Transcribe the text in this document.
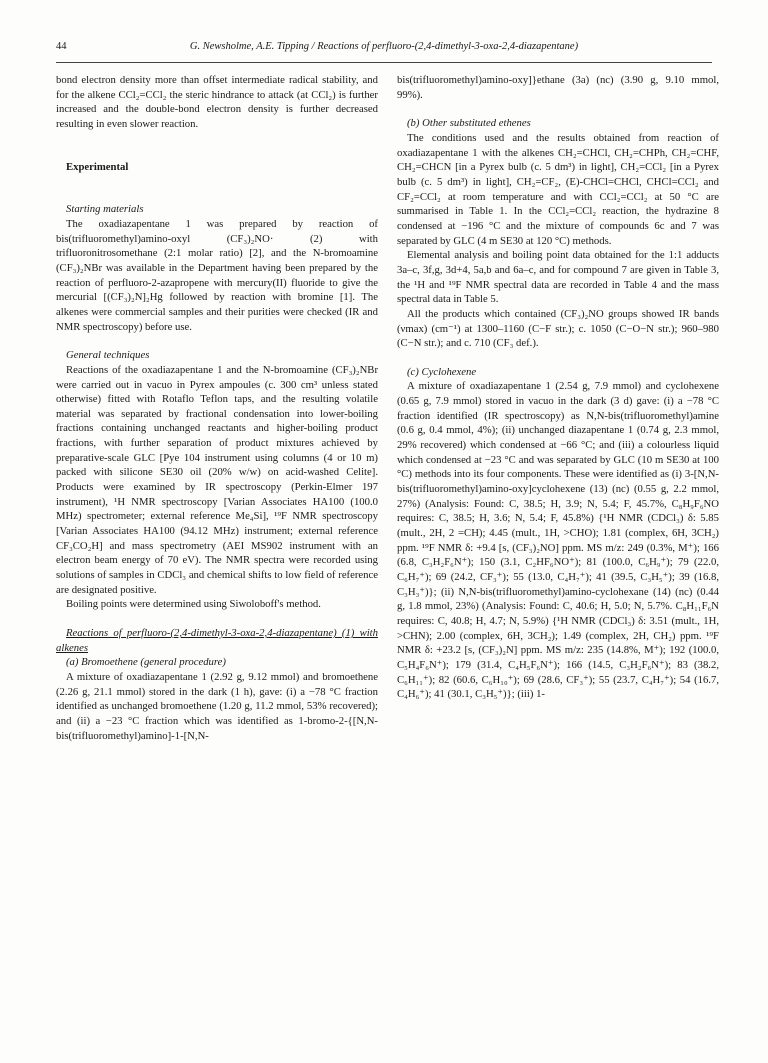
44	G. Newsholme, A.E. Tipping / Reactions of perfluoro-(2,4-dimethyl-3-oxa-2,4-diazapentane)

bond electron density more than offset intermediate radical stability, and for the alkene CCl₂=CCl₂ the steric hindrance to attack (at CCl₂) is further increased and the double-bond electron density is further decreased resulting in even slower reaction.

Experimental

Starting materials

The oxadiazapentane 1 was prepared by reaction of bis(trifluoromethyl)amino-oxyl (CF₃)₂NO· (2) with trifluoronitrosomethane (2:1 molar ratio) [2], and the N-bromoamine (CF₃)₂NBr was available in the Department having been prepared by the reaction of perfluoro-2-azapropene with mercury(II) fluoride to give the mercurial [(CF₃)₂N]₂Hg followed by reaction with bromine [1]. The alkenes were commercial samples and their purities were checked (IR and NMR spectroscopy) before use.

General techniques

Reactions of the oxadiazapentane 1 and the N-bromoamine (CF₃)₂NBr were carried out in vacuo in Pyrex ampoules (c. 300 cm³ unless stated otherwise) fitted with Rotaflo Teflon taps, and the resulting volatile material was separated by fractional condensation into lower-boiling fractions containing unchanged reactants and higher-boiling product fractions, with further separation of product mixtures achieved by preparative-scale GLC [Pye 104 instrument using columns (4 or 10 m) packed with silicone SE30 oil (20% w/w) on acid-washed Celite]. Products were examined by IR spectroscopy (Perkin-Elmer 197 instrument), ¹H NMR spectroscopy [Varian Associates HA100 (100.0 MHz) spectrometer; external reference Me₄Si], ¹⁹F NMR spectroscopy [Varian Associates HA100 (94.12 MHz) instrument; external reference CF₃CO₂H] and mass spectrometry (AEI MS902 instrument with an electron beam energy of 70 eV). The NMR spectra were recorded using solutions of samples in CDCl₃ and chemical shifts to low field of reference are designated positive.

Boiling points were determined using Siwoloboff's method.

Reactions of perfluoro-(2,4-dimethyl-3-oxa-2,4-diazapentane) (1) with alkenes

(a) Bromoethene (general procedure)

A mixture of oxadiazapentane 1 (2.92 g, 9.12 mmol) and bromoethene (2.26 g, 21.1 mmol) stored in the dark (1 h), gave: (i) a −78 °C fraction identified as unchanged bromoethene (1.20 g, 11.2 mmol, 53% recovered); and (ii) a −23 °C fraction which was identified as 1-bromo-2-{[N,N-bis(trifluoromethyl)amino]-1-[N,N-

bis(trifluoromethyl)amino-oxy]}ethane (3a) (nc) (3.90 g, 9.10 mmol, 99%).

(b) Other substituted ethenes

The conditions used and the results obtained from reaction of oxadiazapentane 1 with the alkenes CH₂=CHCl, CH₂=CHPh, CH₂=CHF, CH₂=CHCN [in a Pyrex bulb (c. 5 dm³) in light], CH₂=CCl₂ [in a Pyrex bulb (c. 5 dm³) in light], CH₂=CF₂, (E)-CHCl=CHCl, CHCl=CCl₂ and CF₂=CCl₂ at room temperature and with CCl₂=CCl₂ at 50 °C are summarised in Table 1. In the CCl₂=CCl₂ reaction, the hydrazine 8 condensed at −196 °C and the mixture of compounds 6c and 7 was separated by GLC (4 m SE30 at 120 °C) methods.

Elemental analysis and boiling point data obtained for the 1:1 adducts 3a–c, 3f,g, 3d+4, 5a,b and 6a–c, and for compound 7 are given in Table 3, the ¹H and ¹⁹F NMR spectral data are recorded in Table 4 and the mass spectral data in Table 5.

All the products which contained (CF₃)₂NO groups showed IR bands (νmax) (cm⁻¹) at 1300–1160 (C−F str.); c. 1050 (C−O−N str.); 960–980 (C−N str.); and c. 710 (CF₃ def.).

(c) Cyclohexene

A mixture of oxadiazapentane 1 (2.54 g, 7.9 mmol) and cyclohexene (0.65 g, 7.9 mmol) stored in vacuo in the dark (3 d) gave: (i) a −78 °C fraction identified (IR spectroscopy) as N,N-bis(trifluoromethyl)amine (0.6 g, 0.4 mmol, 4%); (ii) unchanged diazapentane 1 (0.74 g, 2.3 mmol, 29% recovered) which condensed at −66 °C; and (iii) a colourless liquid which condensed at −23 °C and was separated by GLC (10 m SE30 at 100 °C) methods into its four components. These were identified as (i) 3-[N,N-bis(trifluoromethyl)amino-oxy]cyclohexene (13) (nc) (0.55 g, 2.2 mmol, 27%) (Analysis: Found: C, 38.5; H, 3.9; N, 5.4; F, 45.7%, C₈H₉F₆NO requires: C, 38.5; H, 3.6; N, 5.4; F, 45.8%) {¹H NMR (CDCl₃) δ: 5.85 (mult., 2H, 2 =CH); 4.45 (mult., 1H, >CHO); 1.81 (complex, 6H, 3CH₂) ppm. ¹⁹F NMR δ: +9.4 [s, (CF₃)₂NO] ppm. MS m/z: 249 (0.3%, M⁺); 166 (6.8, C₃H₂F₆N⁺); 150 (3.1, C₂HF₆NO⁺); 81 (100.0, C₆H₉⁺); 79 (22.0, C₆H₇⁺); 69 (24.2, CF₃⁺); 55 (13.0, C₄H₇⁺); 41 (39.5, C₃H₅⁺); 39 (16.8, C₃H₃⁺)}; (ii) N,N-bis(trifluoromethyl)amino-cyclohexane (14) (nc) (0.44 g, 1.8 mmol, 23%) (Analysis: Found: C, 40.6; H, 5.0; N, 5.7%. C₈H₁₁F₆N requires: C, 40.8; H, 4.7; N, 5.9%) {¹H NMR (CDCl₃) δ: 3.51 (mult., 1H, >CHN); 2.00 (complex, 6H, 3CH₂); 1.49 (complex, 2H, CH₂) ppm. ¹⁹F NMR δ: +23.2 [s, (CF₃)₂N] ppm. MS m/z: 235 (14.8%, M⁺); 192 (100.0, C₅H₄F₆N⁺); 179 (31.4, C₄H₅F₆N⁺); 166 (14.5, C₃H₂F₆N⁺); 83 (38.2, C₆H₁₁⁺); 82 (60.6, C₆H₁₀⁺); 69 (28.6, CF₃⁺); 55 (23.7, C₄H₇⁺); 54 (16.7, C₄H₆⁺); 41 (30.1, C₃H₅⁺)}; (iii) 1-
